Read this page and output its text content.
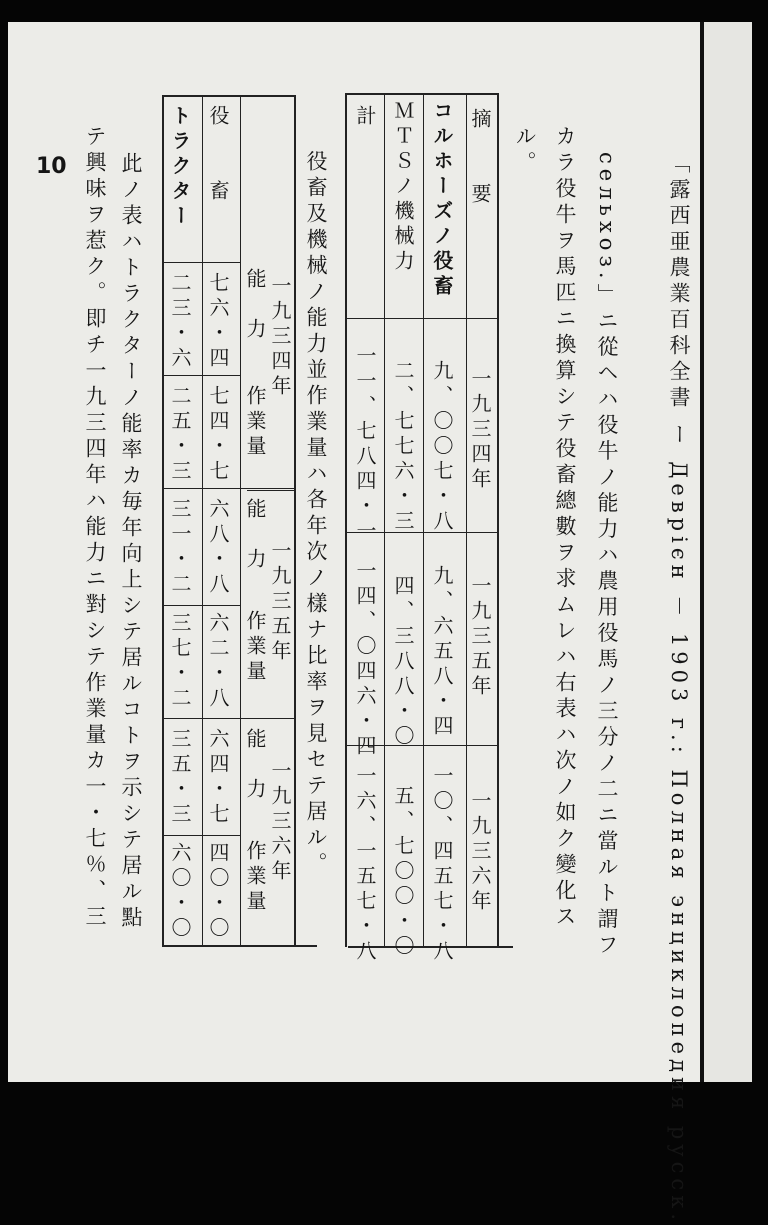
10	「露西亜農業百科全書 ー Деврієн － 1903 г.: Полная энциклопедия русск.
сельхоз.」ニ從ヘハ役牛ノ能力ハ農用役馬ノ三分ノ二ニ當ルト謂フ
カラ役牛ヲ馬匹ニ換算シテ役畜總數ヲ求ムレハ右表ハ次ノ如ク變化ス
ル。
摘　　要
一九三四年
一九三五年
一九三六年
コルホーズノ役畜
九、〇〇七・八
九、六五八・四
一〇、四五七・八
ＭＴＳノ機械力
二、七七六・三
四、三八八・〇
五、七〇〇・〇
計
一一、七八四・一
一四、〇四六・四
一六、一五七・八
役畜及機械ノ能力並作業量ハ各年次ノ樣ナ比率ヲ見セテ居ル。
一九三四年
一九三五年
一九三六年
能　力
作業量
能　力
作業量
能　力
作業量
役　　畜
七六・四
七四・七
六八・八
六二・八
六四・七
四〇・〇
トラクター
二三・六
二五・三
三一・二
三七・二
三五・三
六〇・〇
此ノ表ハトラクターノ能率カ毎年向上シテ居ルコトヲ示シテ居ル點
テ興味ヲ惹ク。即チ一九三四年ハ能力ニ對シテ作業量カ一・七％、三
